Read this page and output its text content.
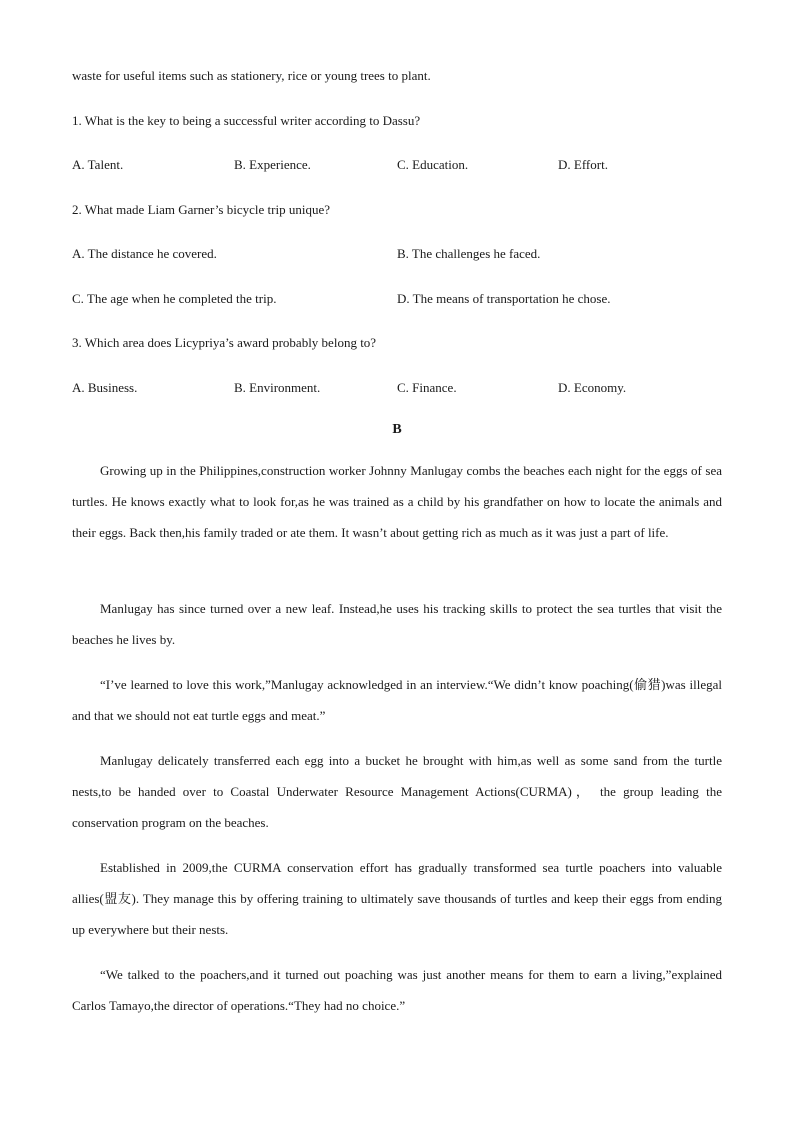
waste for useful items such as stationery, rice or young trees to plant.
1. What is the key to being a successful writer according to Dassu?
A. Talent.	B. Experience.	C. Education.	D. Effort.
2. What made Liam Garner’s bicycle trip unique?
A. The distance he covered.	B. The challenges he faced.
C. The age when he completed the trip.	D. The means of transportation he chose.
3. Which area does Licypriya’s award probably belong to?
A. Business.	B. Environment.	C. Finance.	D. Economy.
B

Growing up in the Philippines,construction worker Johnny Manlugay combs the beaches each night for the eggs of sea turtles. He knows exactly what to look for,as he was trained as a child by his grandfather on how to locate the animals and their eggs. Back then,his family traded or ate them. It wasn’t about getting rich as much as it was just a part of life.

Manlugay has since turned over a new leaf. Instead,he uses his tracking skills to protect the sea turtles that visit the beaches he lives by.

“I’ve learned to love this work,”Manlugay acknowledged in an interview.“We didn’t know poaching(偷猎)was illegal and that we should not eat turtle eggs and meat.”

Manlugay delicately transferred each egg into a bucket he brought with him,as well as some sand from the turtle nests,to be handed over to Coastal Underwater Resource Management Actions(CURMA)， the group leading the conservation program on the beaches.

Established in 2009,the CURMA conservation effort has gradually transformed sea turtle poachers into valuable allies(盟友). They manage this by offering training to ultimately save thousands of turtles and keep their eggs from ending up everywhere but their nests.

“We talked to the poachers,and it turned out poaching was just another means for them to earn a living,”explained Carlos Tamayo,the director of operations.“They had no choice.”
